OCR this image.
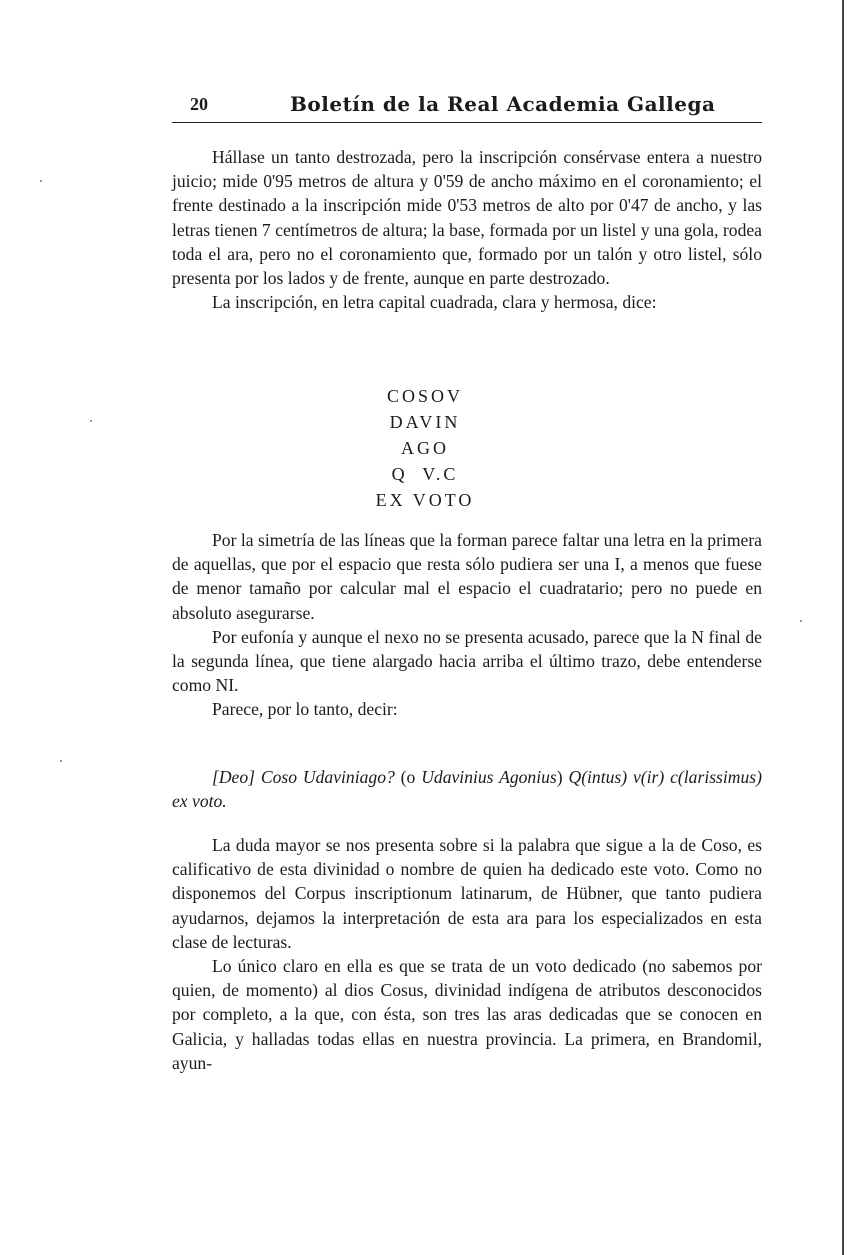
20	Boletín de la Real Academia Gallega

Hállase un tanto destrozada, pero la inscripción consérvase entera a nuestro juicio; mide 0'95 metros de altura y 0'59 de ancho máximo en el coronamiento; el frente destinado a la inscripción mide 0'53 metros de alto por 0'47 de ancho, y las letras tienen 7 centímetros de altura; la base, formada por un listel y una gola, rodea toda el ara, pero no el coronamiento que, formado por un talón y otro listel, sólo presenta por los lados y de frente, aunque en parte destrozado.

La inscripción, en letra capital cuadrada, clara y hermosa, dice:

COSOV
DAVIN
AGO
Q  V.C
EX VOTO

Por la simetría de las líneas que la forman parece faltar una letra en la primera de aquellas, que por el espacio que resta sólo pudiera ser una I, a menos que fuese de menor tamaño por calcular mal el espacio el cuadratario; pero no puede en absoluto asegurarse.

Por eufonía y aunque el nexo no se presenta acusado, parece que la N final de la segunda línea, que tiene alargado hacia arriba el último trazo, debe entenderse como NI.

Parece, por lo tanto, decir:

[Deo] Coso Udaviniago? (o Udavinius Agonius) Q(intus) v(ir) c(larissimus) ex voto.

La duda mayor se nos presenta sobre si la palabra que sigue a la de Coso, es calificativo de esta divinidad o nombre de quien ha dedicado este voto. Como no disponemos del Corpus inscriptionum latinarum, de Hübner, que tanto pudiera ayudarnos, dejamos la interpretación de esta ara para los especializados en esta clase de lecturas.

Lo único claro en ella es que se trata de un voto dedicado (no sabemos por quien, de momento) al dios Cosus, divinidad indígena de atributos desconocidos por completo, a la que, con ésta, son tres las aras dedicadas que se conocen en Galicia, y halladas todas ellas en nuestra provincia. La primera, en Brandomil, ayun-
